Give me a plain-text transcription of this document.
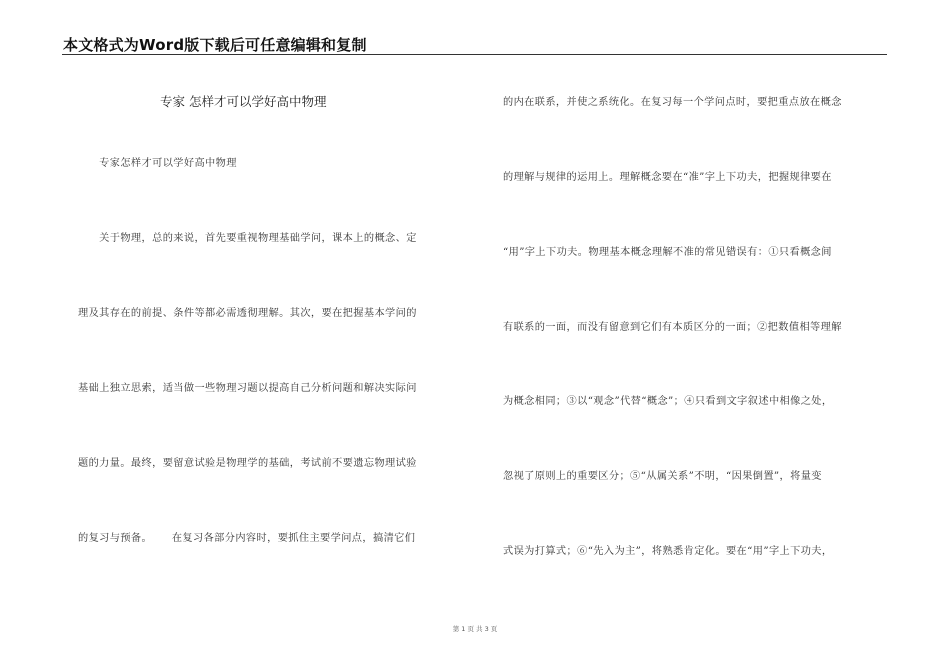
本文格式为Word版下载后可任意编辑和复制
专家 怎样才可以学好高中物理
　　专家怎样才可以学好高中物理
　　关于物理，总的来说，首先要重视物理基础学问，课本上的概念、定
理及其存在的前提、条件等都必需透彻理解。其次，要在把握基本学问的
基础上独立思索，适当做一些物理习题以提高自己分析问题和解决实际问
题的力量。最终，要留意试验是物理学的基础，考试前不要遗忘物理试验
的复习与预备。　　 在复习各部分内容时，要抓住主要学问点，搞清它们
的内在联系，并使之系统化。在复习每一个学问点时，要把重点放在概念
的理解与规律的运用上。理解概念要在“准”字上下功夫，把握规律要在
“用”字上下功夫。物理基本概念理解不准的常见错误有：①只看概念间
有联系的一面，而没有留意到它们有本质区分的一面；②把数值相等理解
为概念相同；③以“观念”代替“概念”；④只看到文字叙述中相像之处，
忽视了原则上的重要区分；⑤“从属关系”不明，“因果倒置”，将量变
式误为打算式；⑥“先入为主”，将熟悉肯定化。要在“用”字上下功夫，
第 1 页 共 3 页
